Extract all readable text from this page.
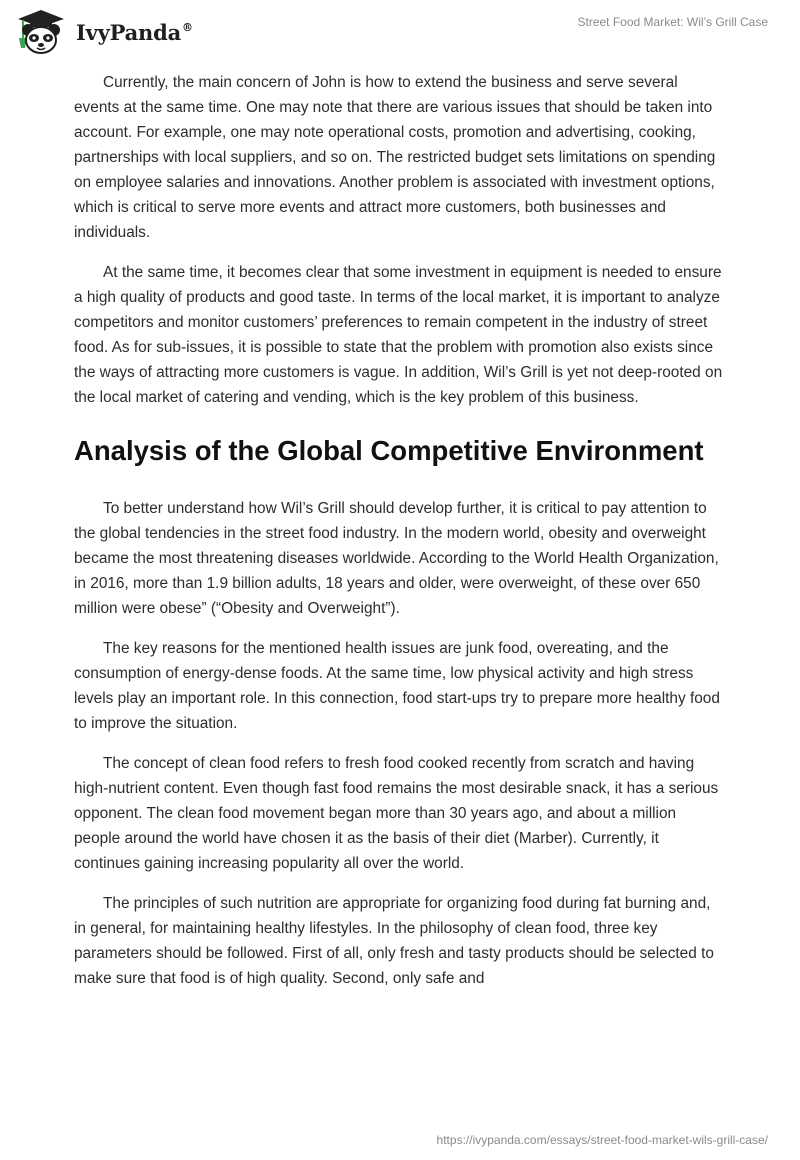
IvyPanda®	Street Food Market: Wil’s Grill Case

Currently, the main concern of John is how to extend the business and serve several events at the same time. One may note that there are various issues that should be taken into account. For example, one may note operational costs, promotion and advertising, cooking, partnerships with local suppliers, and so on. The restricted budget sets limitations on spending on employee salaries and innovations. Another problem is associated with investment options, which is critical to serve more events and attract more customers, both businesses and individuals.

At the same time, it becomes clear that some investment in equipment is needed to ensure a high quality of products and good taste. In terms of the local market, it is important to analyze competitors and monitor customers’ preferences to remain competent in the industry of street food. As for sub-issues, it is possible to state that the problem with promotion also exists since the ways of attracting more customers is vague. In addition, Wil’s Grill is yet not deep-rooted on the local market of catering and vending, which is the key problem of this business.

Analysis of the Global Competitive Environment

To better understand how Wil’s Grill should develop further, it is critical to pay attention to the global tendencies in the street food industry. In the modern world, obesity and overweight became the most threatening diseases worldwide. According to the World Health Organization, in 2016, more than 1.9 billion adults, 18 years and older, were overweight, of these over 650 million were obese” (“Obesity and Overweight”).

The key reasons for the mentioned health issues are junk food, overeating, and the consumption of energy-dense foods. At the same time, low physical activity and high stress levels play an important role. In this connection, food start-ups try to prepare more healthy food to improve the situation.

The concept of clean food refers to fresh food cooked recently from scratch and having high-nutrient content. Even though fast food remains the most desirable snack, it has a serious opponent. The clean food movement began more than 30 years ago, and about a million people around the world have chosen it as the basis of their diet (Marber). Currently, it continues gaining increasing popularity all over the world.

The principles of such nutrition are appropriate for organizing food during fat burning and, in general, for maintaining healthy lifestyles. In the philosophy of clean food, three key parameters should be followed. First of all, only fresh and tasty products should be selected to make sure that food is of high quality. Second, only safe and

https://ivypanda.com/essays/street-food-market-wils-grill-case/
